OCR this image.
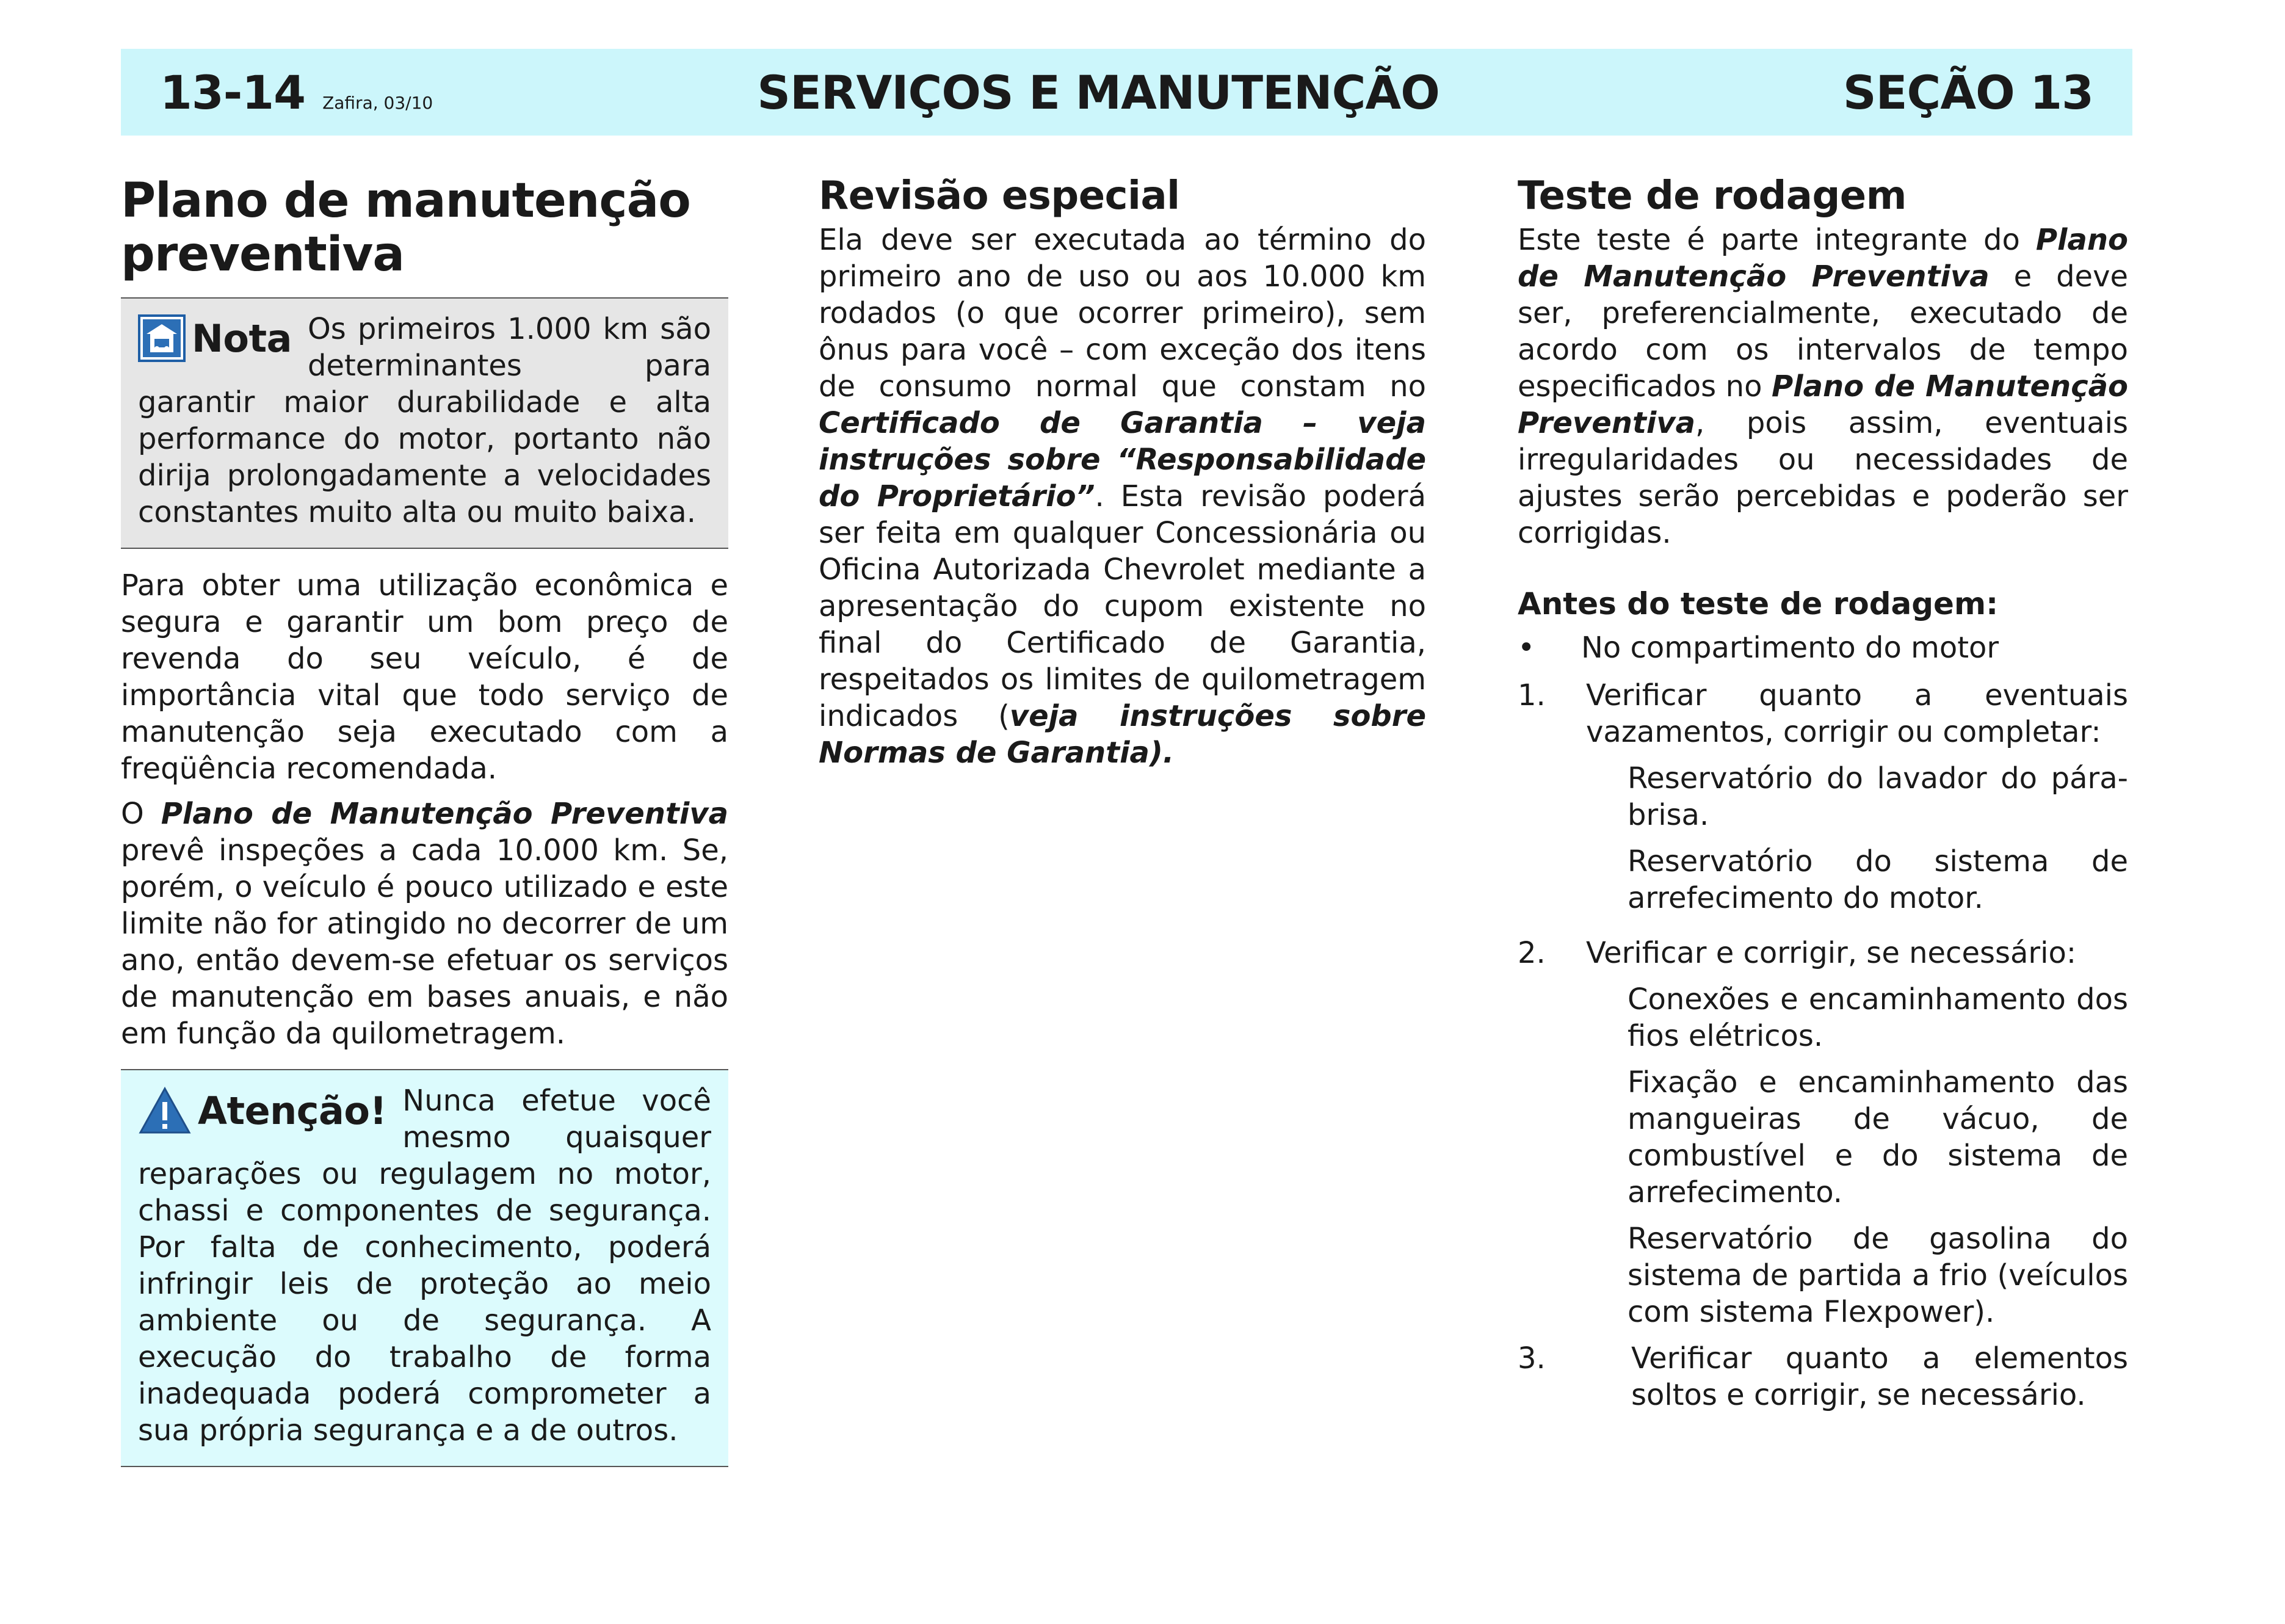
13-14 Zafira, 03/10	SERVIÇOS E MANUTENÇÃO	SEÇÃO 13
Plano de manutenção preventiva
Nota Os primeiros 1.000 km são determinantes para garantir maior durabilidade e alta performance do motor, portanto não dirija prolongadamente a velocidades constantes muito alta ou muito baixa.

Para obter uma utilização econômica e segura e garantir um bom preço de revenda do seu veículo, é de importância vital que todo serviço de manutenção seja executado com a freqüência recomendada.

O Plano de Manutenção Preventiva prevê inspeções a cada 10.000 km. Se, porém, o veículo é pouco utilizado e este limite não for atingido no decorrer de um ano, então devem-se efetuar os serviços de manutenção em bases anuais, e não em função da quilometragem.

Atenção! Nunca efetue você mesmo quaisquer reparações ou regulagem no motor, chassi e componentes de segurança. Por falta de conhecimento, poderá infringir leis de proteção ao meio ambiente ou de segurança. A execução do trabalho de forma inadequada poderá comprometer a sua própria segurança e a de outros.

Revisão especial

Ela deve ser executada ao término do primeiro ano de uso ou aos 10.000 km rodados (o que ocorrer primeiro), sem ônus para você – com exceção dos itens de consumo normal que constam no Certificado de Garantia – veja instruções sobre “Responsabilidade do Proprietário”. Esta revisão poderá ser feita em qualquer Concessionária ou Oficina Autorizada Chevrolet mediante a apresentação do cupom existente no final do Certificado de Garantia, respeitados os limites de quilometragem indicados (veja instruções sobre Normas de Garantia).

Teste de rodagem

Este teste é parte integrante do Plano de Manutenção Preventiva e deve ser, preferencialmente, executado de acordo com os intervalos de tempo especificados no Plano de Manutenção Preventiva, pois assim, eventuais irregularidades ou necessidades de ajustes serão percebidas e poderão ser corrigidas.

Antes do teste de rodagem:
•	No compartimento do motor
1.	Verificar quanto a eventuais vazamentos, corrigir ou completar:

Reservatório do lavador do pára-brisa.

Reservatório do sistema de arrefecimento do motor.

2.	Verificar e corrigir, se necessário:

Conexões e encaminhamento dos fios elétricos.

Fixação e encaminhamento das mangueiras de vácuo, de combustível e do sistema de arrefecimento.

Reservatório de gasolina do sistema de partida a frio (veículos com sistema Flexpower).

3.	Verificar quanto a elementos soltos e corrigir, se necessário.
